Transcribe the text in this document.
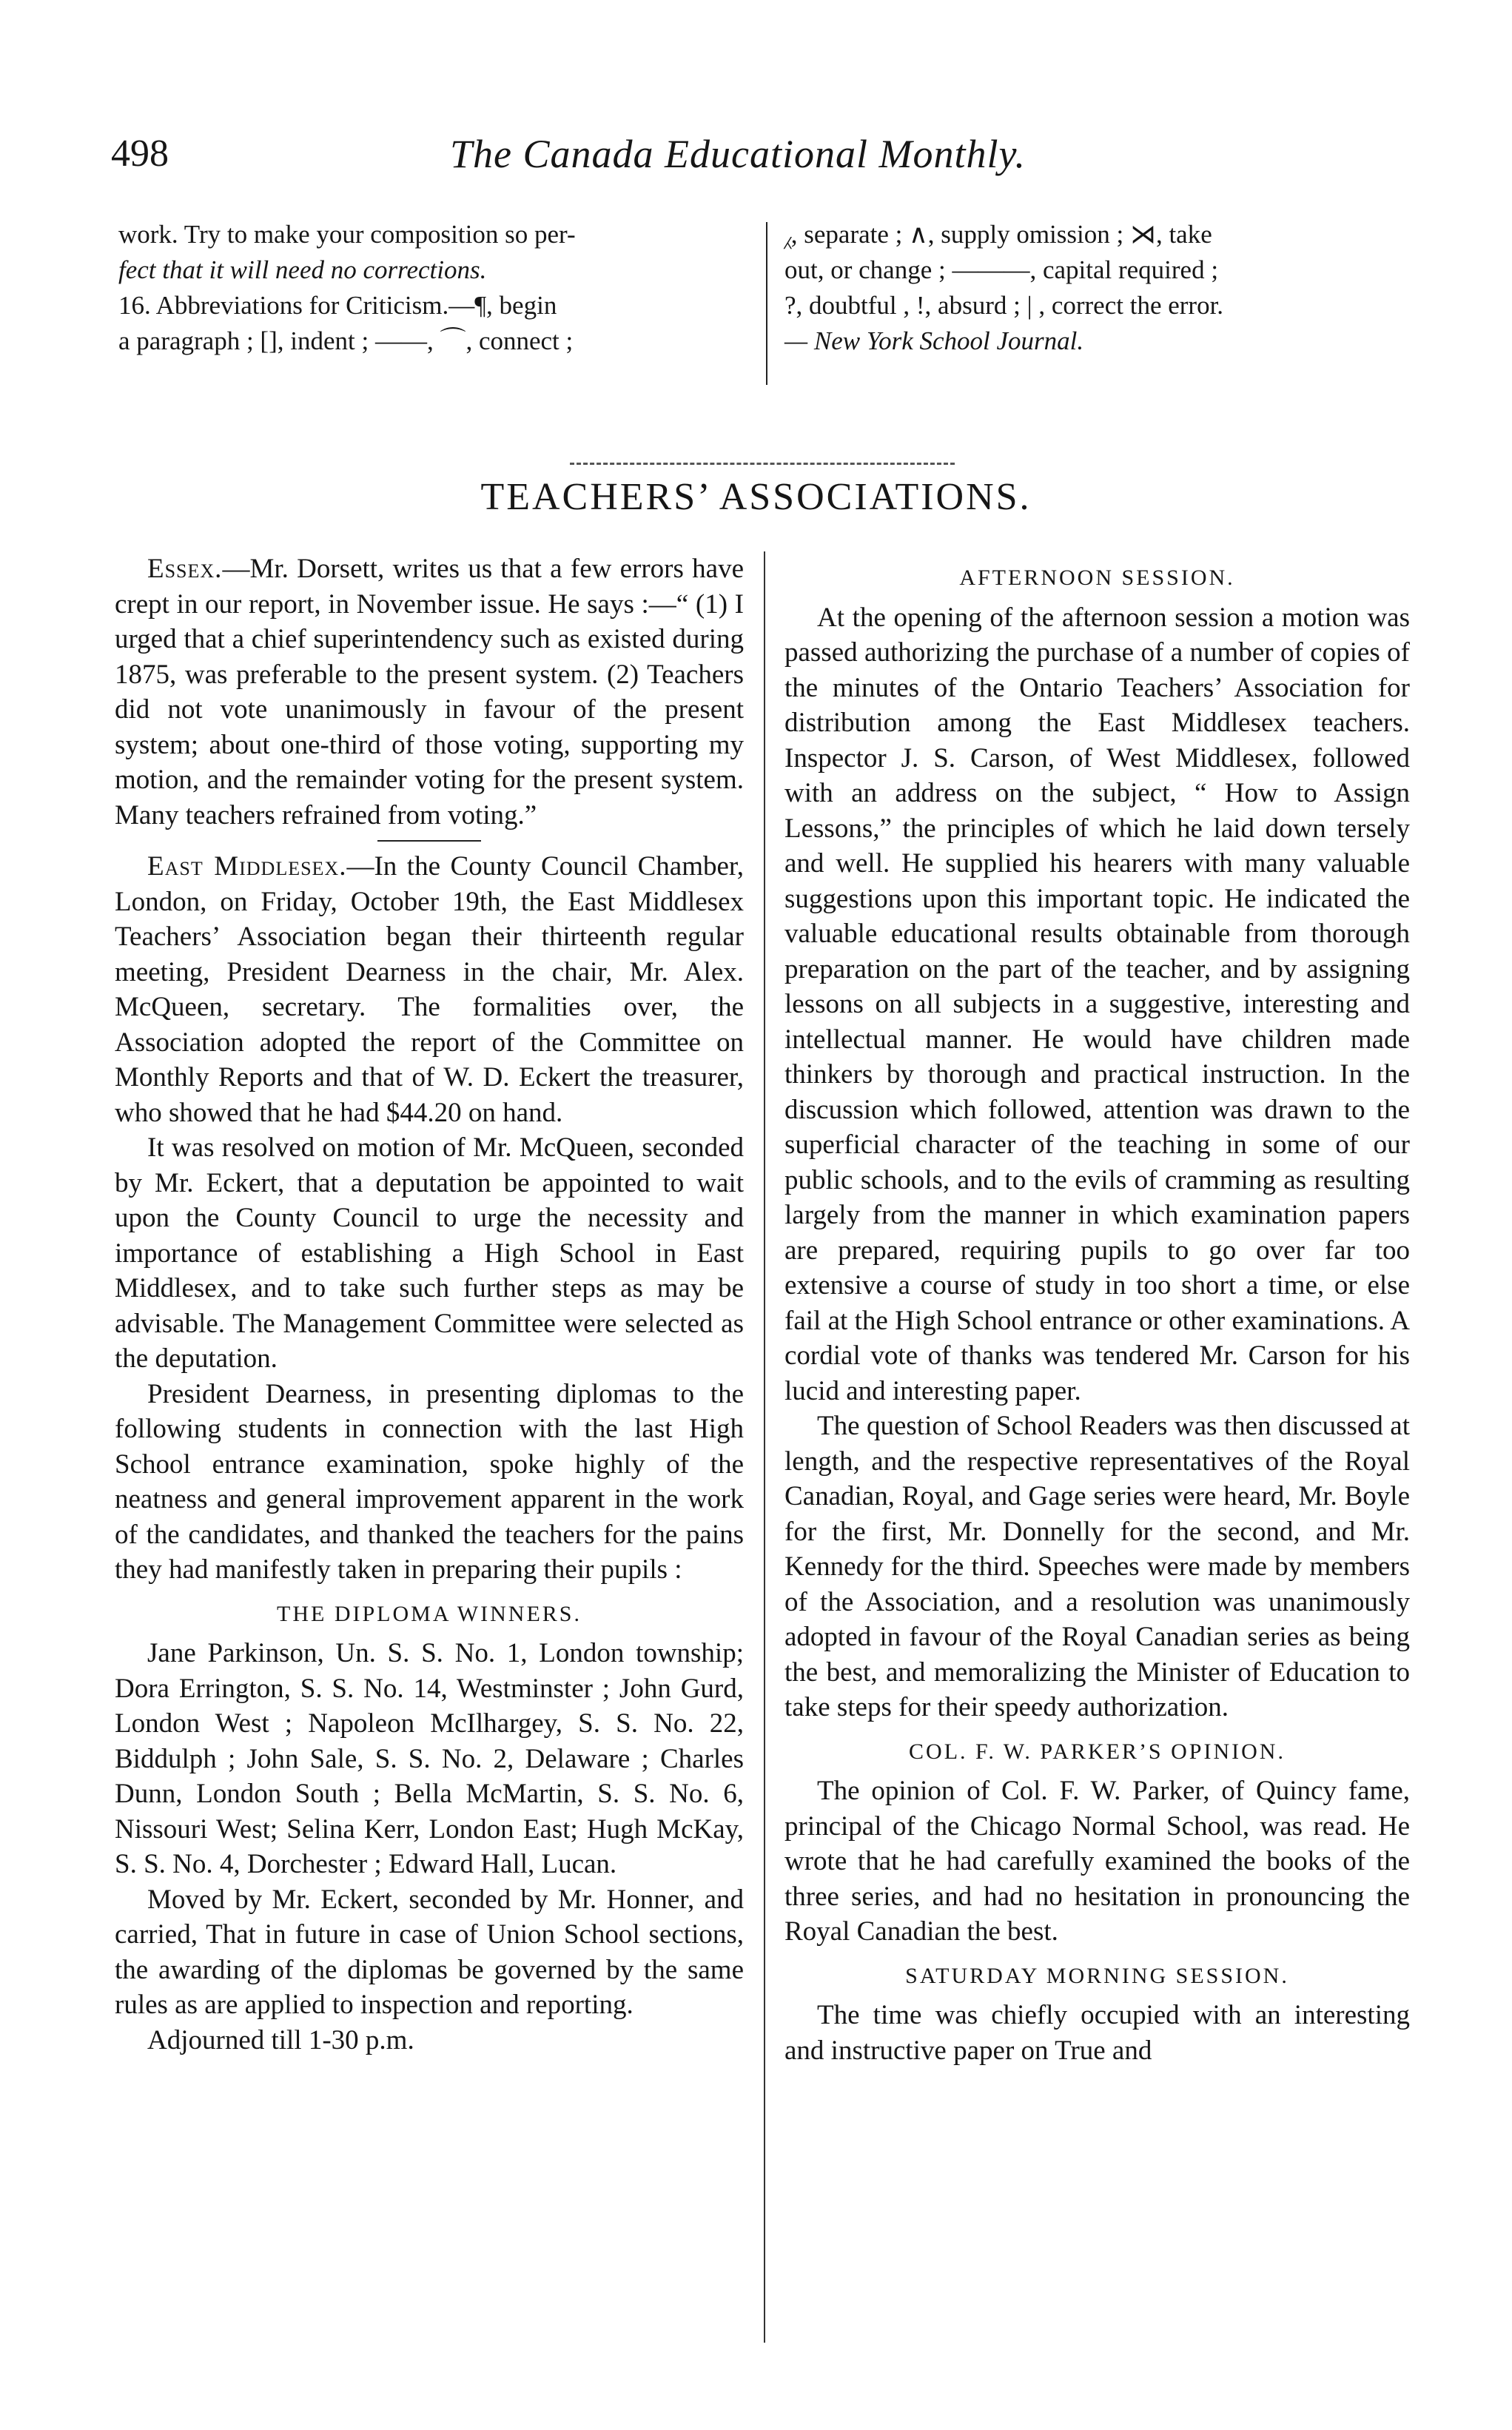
498	The Canada Educational Monthly.

work. Try to make your composition so per-

fect that it will need no corrections.

16. Abbreviations for Criticism.—¶, begin

a paragraph ; [], indent ; ——, ⌒, connect ;

⁁, separate ; ∧, supply omission ; ⋊, take

out, or change ; ———, capital required ;

?, doubtful , !, absurd ; | , correct the error.

— New York School Journal.

TEACHERS’ ASSOCIATIONS.

Essex.—Mr. Dorsett, writes us that a few errors have crept in our report, in November issue. He says :—“ (1) I urged that a chief superintendency such as existed during 1875, was preferable to the present system. (2) Teachers did not vote unanimously in favour of the present system; about one-third of those voting, supporting my motion, and the remainder voting for the present system. Many teachers refrained from voting.”

East Middlesex.—In the County Council Chamber, London, on Friday, October 19th, the East Middlesex Teachers’ Association began their thirteenth regular meeting, President Dearness in the chair, Mr. Alex. McQueen, secretary. The formalities over, the Association adopted the report of the Committee on Monthly Reports and that of W. D. Eckert the treasurer, who showed that he had $44.20 on hand.

It was resolved on motion of Mr. McQueen, seconded by Mr. Eckert, that a deputation be appointed to wait upon the County Council to urge the necessity and importance of establishing a High School in East Middlesex, and to take such further steps as may be advisable. The Management Committee were selected as the deputation.

President Dearness, in presenting diplomas to the following students in connection with the last High School entrance examination, spoke highly of the neatness and general improvement apparent in the work of the candidates, and thanked the teachers for the pains they had manifestly taken in preparing their pupils :

THE DIPLOMA WINNERS.

Jane Parkinson, Un. S. S. No. 1, London township; Dora Errington, S. S. No. 14, Westminster ; John Gurd, London West ; Napoleon McIlhargey, S. S. No. 22, Biddulph ; John Sale, S. S. No. 2, Delaware ; Charles Dunn, London South ; Bella McMartin, S. S. No. 6, Nissouri West; Selina Kerr, London East; Hugh McKay, S. S. No. 4, Dorchester ; Edward Hall, Lucan.

Moved by Mr. Eckert, seconded by Mr. Honner, and carried, That in future in case of Union School sections, the awarding of the diplomas be governed by the same rules as are applied to inspection and reporting.

Adjourned till 1-30 p.m.

AFTERNOON SESSION.

At the opening of the afternoon session a motion was passed authorizing the purchase of a number of copies of the minutes of the Ontario Teachers’ Association for distribution among the East Middlesex teachers. Inspector J. S. Carson, of West Middlesex, followed with an address on the subject, “ How to Assign Lessons,” the principles of which he laid down tersely and well. He supplied his hearers with many valuable suggestions upon this important topic. He indicated the valuable educational results obtainable from thorough preparation on the part of the teacher, and by assigning lessons on all subjects in a suggestive, interesting and intellectual manner. He would have children made thinkers by thorough and practical instruction. In the discussion which followed, attention was drawn to the superficial character of the teaching in some of our public schools, and to the evils of cramming as resulting largely from the manner in which examination papers are prepared, requiring pupils to go over far too extensive a course of study in too short a time, or else fail at the High School entrance or other examinations. A cordial vote of thanks was tendered Mr. Carson for his lucid and interesting paper.

The question of School Readers was then discussed at length, and the respective representatives of the Royal Canadian, Royal, and Gage series were heard, Mr. Boyle for the first, Mr. Donnelly for the second, and Mr. Kennedy for the third. Speeches were made by members of the Association, and a resolution was unanimously adopted in favour of the Royal Canadian series as being the best, and memoralizing the Minister of Education to take steps for their speedy authorization.

COL. F. W. PARKER’S OPINION.

The opinion of Col. F. W. Parker, of Quincy fame, principal of the Chicago Normal School, was read. He wrote that he had carefully examined the books of the three series, and had no hesitation in pronouncing the Royal Canadian the best.

SATURDAY MORNING SESSION.

The time was chiefly occupied with an interesting and instructive paper on True and
